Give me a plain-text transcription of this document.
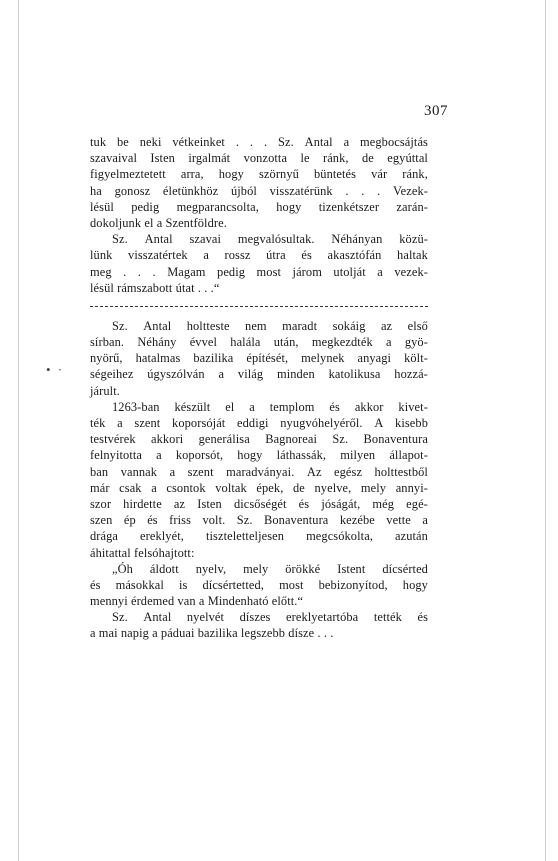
307
• ·
tuk be neki vétkeinket . . . Sz. Antal a megbocsájtás
szavaival Isten irgalmát vonzotta le ránk, de egyúttal
figyelmeztetett arra, hogy szörnyű büntetés vár ránk,
ha gonosz életünkhöz újból visszatérünk . . . Vezek-
lésül pedig megparancsolta, hogy tizenkétszer zarán-
dokoljunk el a Szentföldre.
Sz. Antal szavai megvalósultak. Néhányan közü-
lünk visszatértek a rossz útra és akasztófán haltak
meg . . . Magam pedig most járom utolját a vezek-
lésül rámszabott útat . . .“
Sz. Antal holtteste nem maradt sokáig az első
sírban. Néhány évvel halála után, megkezdték a gyö-
nyörű, hatalmas bazilika építését, melynek anyagi költ-
ségeihez úgyszólván a világ minden katolikusa hozzá-
járult.
1263-ban készült el a templom és akkor kivet-
ték a szent koporsóját eddigi nyugvóhelyéről. A kisebb
testvérek akkori generálisa Bagnoreai Sz. Bonaventura
felnyitotta a koporsót, hogy láthassák, milyen állapot-
ban vannak a szent maradványai. Az egész holttestből
már csak a csontok voltak épek, de nyelve, mely annyi-
szor hirdette az Isten dicsőségét és jóságát, még egé-
szen ép és friss volt. Sz. Bonaventura kezébe vette a
drága ereklyét, tiszteletteljesen megcsókolta, azután
áhitattal felsóhajtott:
„Óh áldott nyelv, mely örökké Istent dícsérted
és másokkal is dícsértetted, most bebizonyítod, hogy
mennyi érdemed van a Mindenható előtt.“
Sz. Antal nyelvét díszes ereklyetartóba tették és
a mai napig a páduai bazilika legszebb dísze . . .
